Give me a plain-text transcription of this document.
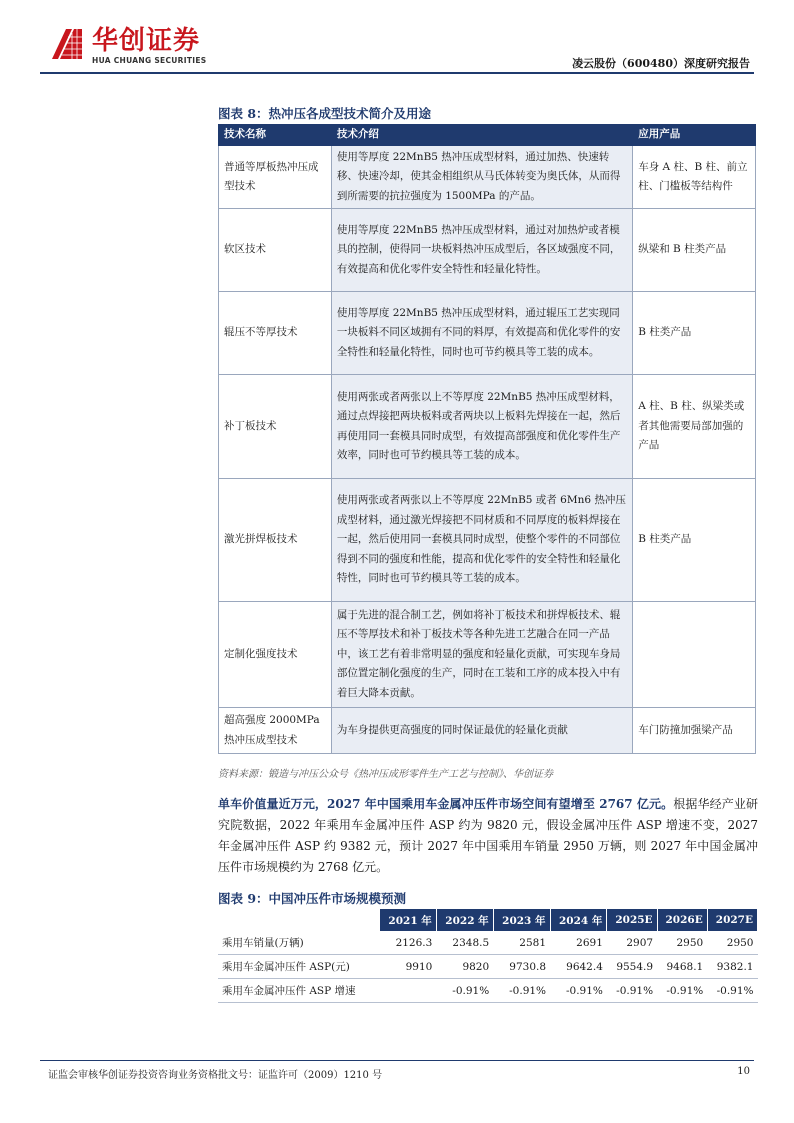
华创证券
HUA CHUANG SECURITIES	凌云股份（600480）深度研究报告
图表 8：热冲压各成型技术简介及用途
技术名称	技术介绍	应用产品
普通等厚板热冲压成型技术	使用等厚度 22MnB5 热冲压成型材料，通过加热、快速转移、快速冷却，使其金相组织从马氏体转变为奥氏体，从而得到所需要的抗拉强度为 1500MPa 的产品。	车身 A 柱、B 柱、前立柱、门槛板等结构件
软区技术	使用等厚度 22MnB5 热冲压成型材料，通过对加热炉或者模具的控制，使得同一块板料热冲压成型后，各区域强度不同，有效提高和优化零件安全特性和轻量化特性。	纵梁和 B 柱类产品
辊压不等厚技术	使用等厚度 22MnB5 热冲压成型材料，通过辊压工艺实现同一块板料不同区域拥有不同的料厚，有效提高和优化零件的安全特性和轻量化特性，同时也可节约模具等工装的成本。	B 柱类产品
补丁板技术	使用两张或者两张以上不等厚度 22MnB5 热冲压成型材料，通过点焊接把两块板料或者两块以上板料先焊接在一起，然后再使用同一套模具同时成型，有效提高部强度和优化零件生产效率，同时也可节约模具等工装的成本。	A 柱、B 柱、纵梁类或者其他需要局部加强的产品
激光拼焊板技术	使用两张或者两张以上不等厚度 22MnB5 或者 6Mn6 热冲压成型材料，通过激光焊接把不同材质和不同厚度的板料焊接在一起，然后使用同一套模具同时成型，使整个零件的不同部位得到不同的强度和性能，提高和优化零件的安全特性和轻量化特性，同时也可节约模具等工装的成本。	B 柱类产品
定制化强度技术	属于先进的混合制工艺，例如将补丁板技术和拼焊板技术、辊压不等厚技术和补丁板技术等各种先进工艺融合在同一产品中，该工艺有着非常明显的强度和轻量化贡献，可实现车身局部位置定制化强度的生产，同时在工装和工序的成本投入中有着巨大降本贡献。	
超高强度 2000MPa 热冲压成型技术	为车身提供更高强度的同时保证最优的轻量化贡献	车门防撞加强梁产品
资料来源：锻造与冲压公众号《热冲压成形零件生产工艺与控制》、华创证券
单车价值量近万元，2027 年中国乘用车金属冲压件市场空间有望增至 2767 亿元。根据华经产业研究院数据，2022 年乘用车金属冲压件 ASP 约为 9820 元，假设金属冲压件 ASP 增速不变，2027 年金属冲压件 ASP 约 9382 元，预计 2027 年中国乘用车销量 2950 万辆，则 2027 年中国金属冲压件市场规模约为 2768 亿元。
图表 9：中国冲压件市场规模预测
	2021 年	2022 年	2023 年	2024 年	2025E	2026E	2027E
乘用车销量(万辆)	2126.3	2348.5	2581	2691	2907	2950	2950
乘用车金属冲压件 ASP(元)	9910	9820	9730.8	9642.4	9554.9	9468.1	9382.1
乘用车金属冲压件 ASP 增速		-0.91%	-0.91%	-0.91%	-0.91%	-0.91%	-0.91%
证监会审核华创证券投资咨询业务资格批文号：证监许可（2009）1210 号	10
